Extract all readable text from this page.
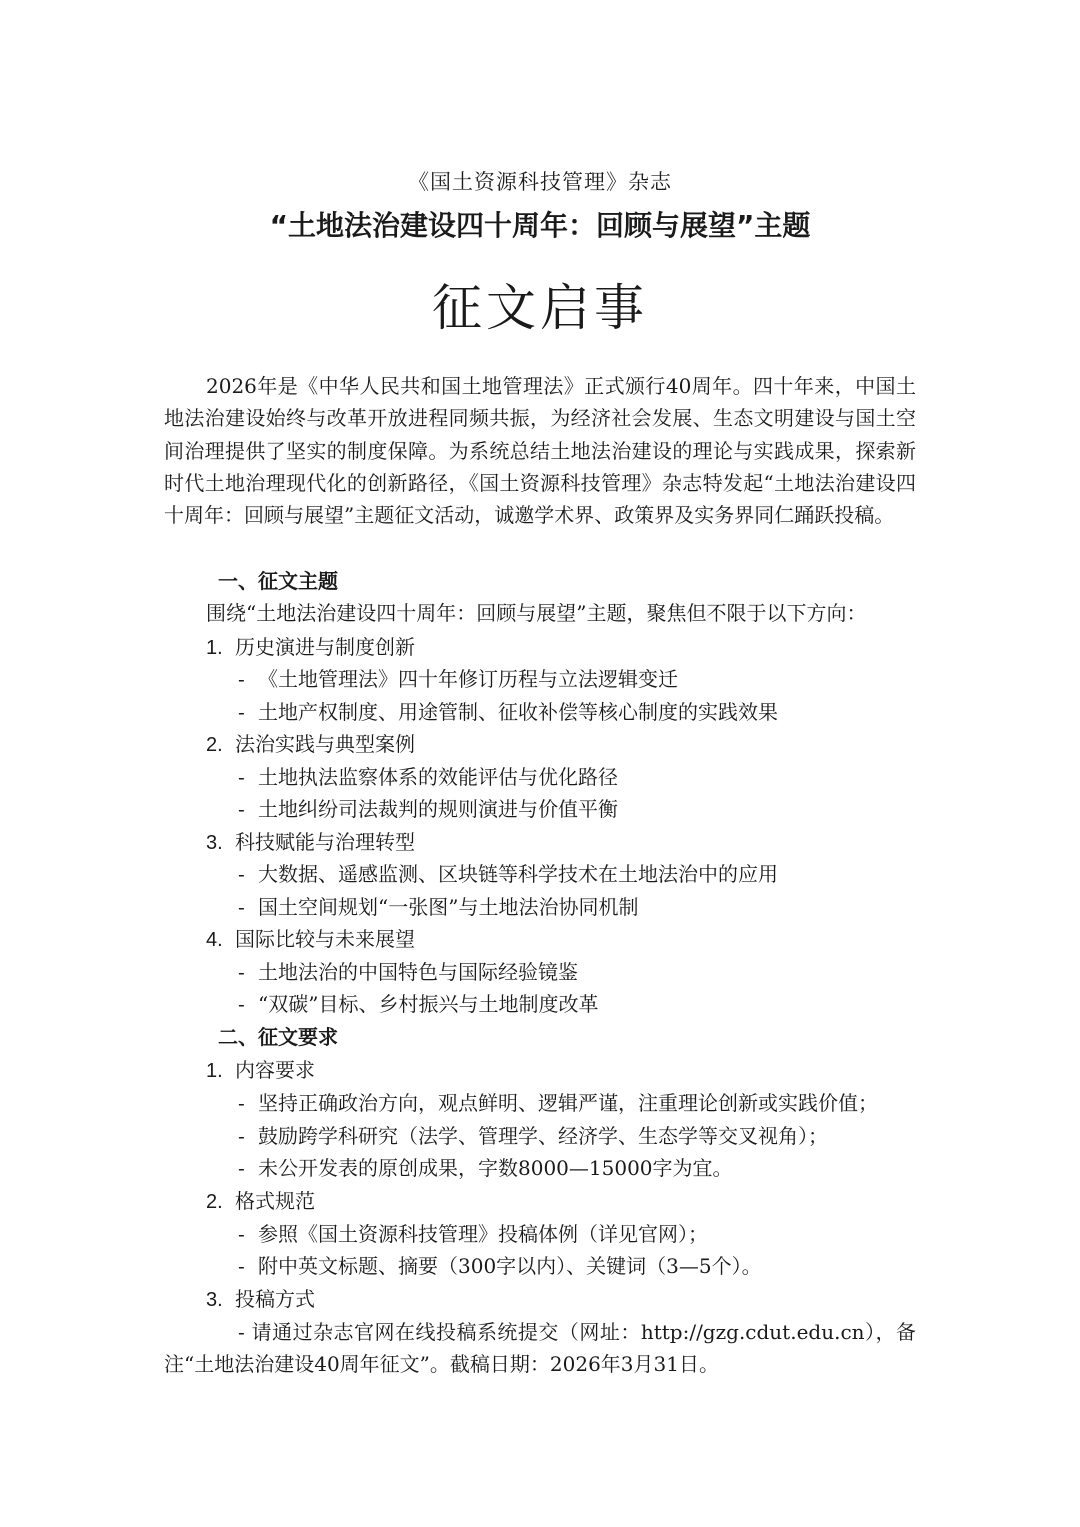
《国土资源科技管理》杂志
“土地法治建设四十周年：回顾与展望”主题
征文启事
2026年是《中华人民共和国土地管理法》正式颁行40周年。四十年来，中国土地法治建设始终与改革开放进程同频共振，为经济社会发展、生态文明建设与国土空间治理提供了坚实的制度保障。为系统总结土地法治建设的理论与实践成果，探索新时代土地治理现代化的创新路径，《国土资源科技管理》杂志特发起“土地法治建设四十周年：回顾与展望”主题征文活动，诚邀学术界、政策界及实务界同仁踊跃投稿。
一、征文主题
围绕“土地法治建设四十周年：回顾与展望”主题，聚焦但不限于以下方向：
1. 历史演进与制度创新
- 《土地管理法》四十年修订历程与立法逻辑变迁
- 土地产权制度、用途管制、征收补偿等核心制度的实践效果
2. 法治实践与典型案例
- 土地执法监察体系的效能评估与优化路径
- 土地纠纷司法裁判的规则演进与价值平衡
3. 科技赋能与治理转型
- 大数据、遥感监测、区块链等科学技术在土地法治中的应用
- 国土空间规划“一张图”与土地法治协同机制
4. 国际比较与未来展望
- 土地法治的中国特色与国际经验镜鉴
- “双碳”目标、乡村振兴与土地制度改革
二、征文要求
1. 内容要求
- 坚持正确政治方向，观点鲜明、逻辑严谨，注重理论创新或实践价值；
- 鼓励跨学科研究（法学、管理学、经济学、生态学等交叉视角）；
- 未公开发表的原创成果，字数8000—15000字为宜。
2. 格式规范
- 参照《国土资源科技管理》投稿体例（详见官网）；
- 附中英文标题、摘要（300字以内）、关键词（3—5个）。
3. 投稿方式
- 请通过杂志官网在线投稿系统提交（网址：http://gzg.cdut.edu.cn），备注“土地法治建设40周年征文”。截稿日期：2026年3月31日。
